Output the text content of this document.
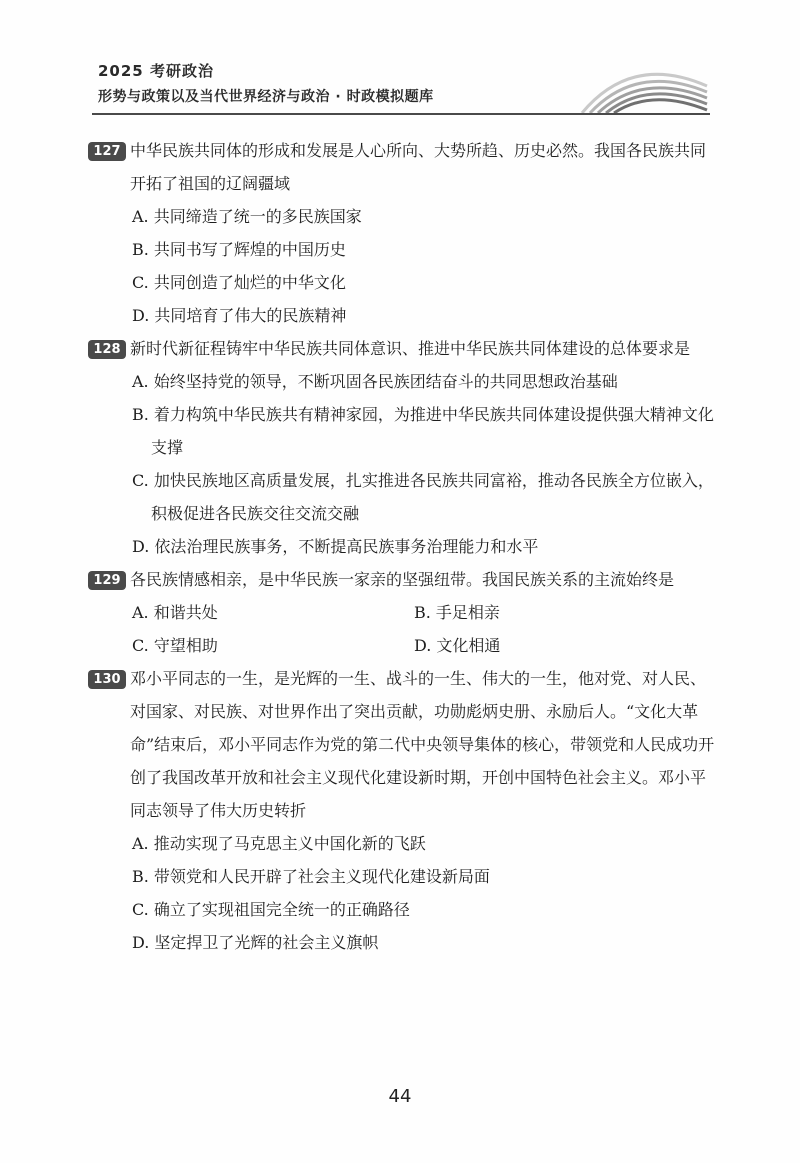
2025 考研政治
形势与政策以及当代世界经济与政治 · 时政模拟题库
127 中华民族共同体的形成和发展是人心所向、大势所趋、历史必然。我国各民族共同开拓了祖国的辽阔疆域
A. 共同缔造了统一的多民族国家
B. 共同书写了辉煌的中国历史
C. 共同创造了灿烂的中华文化
D. 共同培育了伟大的民族精神
128 新时代新征程铸牢中华民族共同体意识、推进中华民族共同体建设的总体要求是
A. 始终坚持党的领导，不断巩固各民族团结奋斗的共同思想政治基础
B. 着力构筑中华民族共有精神家园，为推进中华民族共同体建设提供强大精神文化支撑
C. 加快民族地区高质量发展，扎实推进各民族共同富裕，推动各民族全方位嵌入，积极促进各民族交往交流交融
D. 依法治理民族事务，不断提高民族事务治理能力和水平
129 各民族情感相亲，是中华民族一家亲的坚强纽带。我国民族关系的主流始终是
A. 和谐共处	B. 手足相亲
C. 守望相助	D. 文化相通
130 邓小平同志的一生，是光辉的一生、战斗的一生、伟大的一生，他对党、对人民、对国家、对民族、对世界作出了突出贡献，功勋彪炳史册、永励后人。“文化大革命”结束后，邓小平同志作为党的第二代中央领导集体的核心，带领党和人民成功开创了我国改革开放和社会主义现代化建设新时期，开创中国特色社会主义。邓小平同志领导了伟大历史转折
A. 推动实现了马克思主义中国化新的飞跃
B. 带领党和人民开辟了社会主义现代化建设新局面
C. 确立了实现祖国完全统一的正确路径
D. 坚定捍卫了光辉的社会主义旗帜
44
